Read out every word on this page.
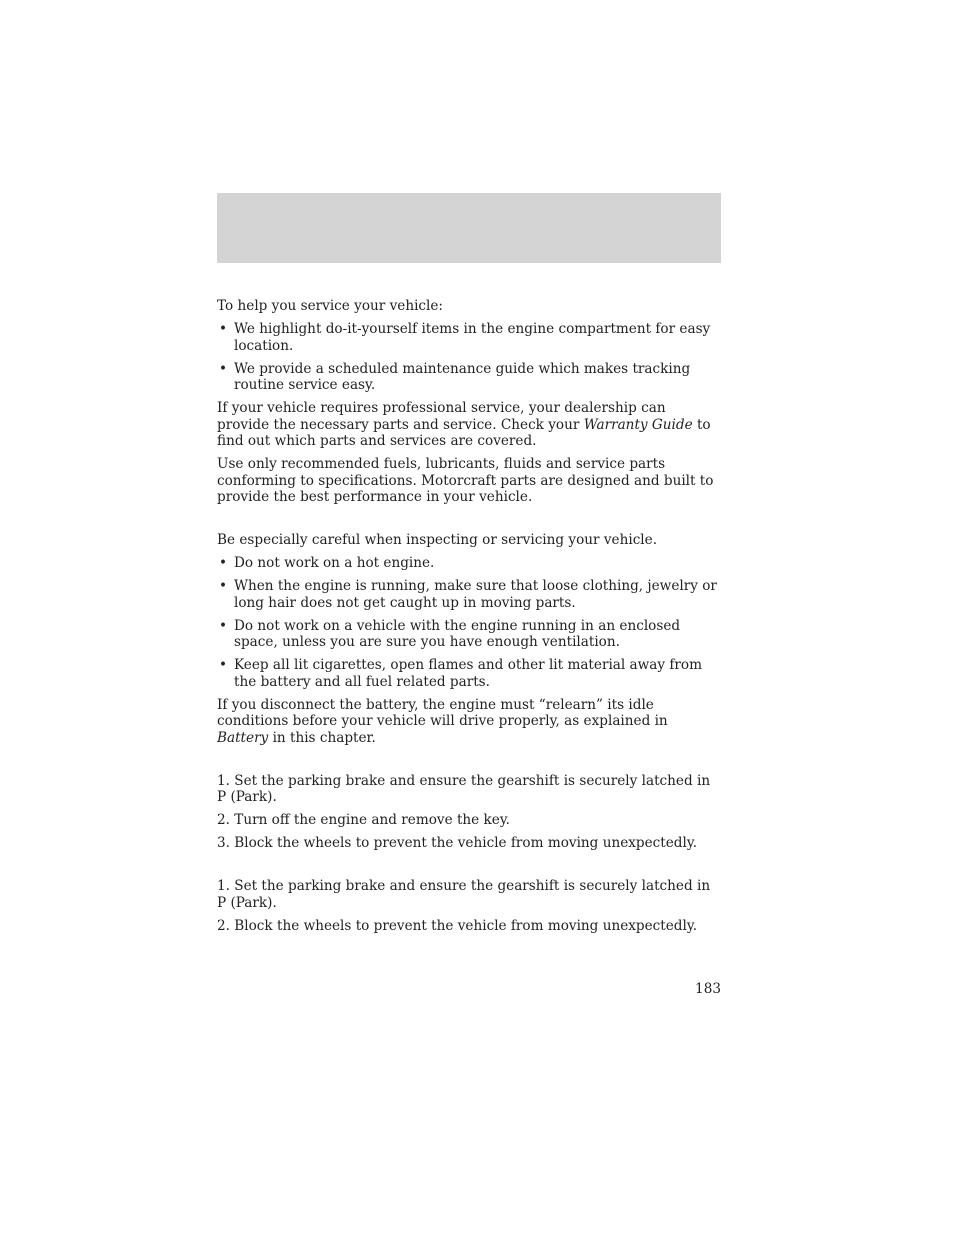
To help you service your vehicle:

• We highlight do-it-yourself items in the engine compartment for easy location.
• We provide a scheduled maintenance guide which makes tracking routine service easy.

If your vehicle requires professional service, your dealership can provide the necessary parts and service. Check your Warranty Guide to find out which parts and services are covered.

Use only recommended fuels, lubricants, fluids and service parts conforming to specifications. Motorcraft parts are designed and built to provide the best performance in your vehicle.

Be especially careful when inspecting or servicing your vehicle.

• Do not work on a hot engine.
• When the engine is running, make sure that loose clothing, jewelry or long hair does not get caught up in moving parts.
• Do not work on a vehicle with the engine running in an enclosed space, unless you are sure you have enough ventilation.
• Keep all lit cigarettes, open flames and other lit material away from the battery and all fuel related parts.

If you disconnect the battery, the engine must “relearn” its idle conditions before your vehicle will drive properly, as explained in Battery in this chapter.

1. Set the parking brake and ensure the gearshift is securely latched in P (Park).

2. Turn off the engine and remove the key.

3. Block the wheels to prevent the vehicle from moving unexpectedly.

1. Set the parking brake and ensure the gearshift is securely latched in P (Park).

2. Block the wheels to prevent the vehicle from moving unexpectedly.

183
